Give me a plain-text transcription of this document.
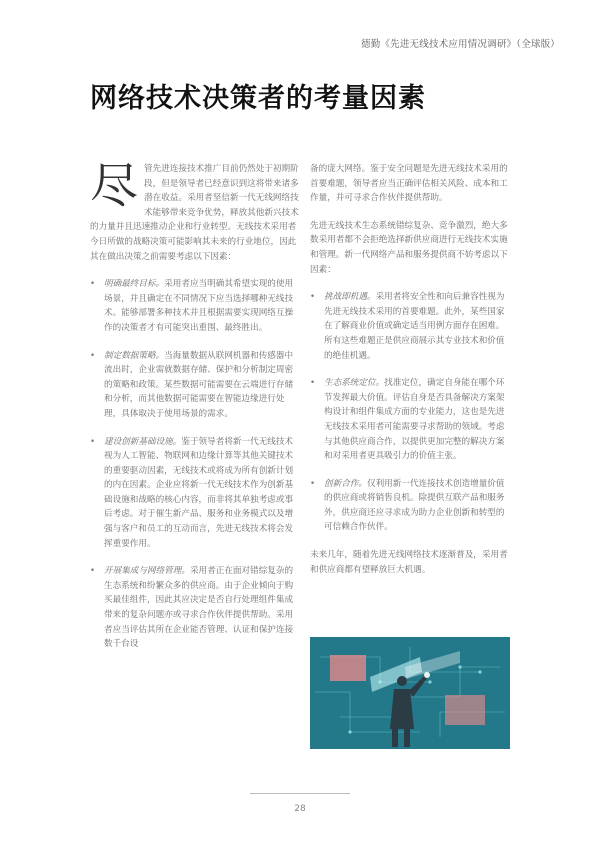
德勤《先进无线技术应用情况调研》（全球版）
网络技术决策者的考量因素

尽 管先进连接技术推广目前仍然处于初期阶段，但是领导者已经意识到这将带来诸多潜在收益。采用者坚信新一代无线网络技术能够带来竞争优势，释放其他新兴技术的力量并且迅速推动企业和行业转型。无线技术采用者今日所做的战略决策可能影响其未来的行业地位，因此其在做出决策之前需要考虑以下因素：

• 明确最终目标。采用者应当明确其希望实现的使用场景，并且确定在不同情况下应当选择哪种无线技术。能够部署多种技术并且根据需要实现网络互操作的决策者才有可能突出重围、最终胜出。
• 制定数据策略。当海量数据从联网机器和传感器中流出时，企业需就数据存储、保护和分析制定周密的策略和政策。某些数据可能需要在云端进行存储和分析，而其他数据可能需要在智能边缘进行处理，具体取决于使用场景的需求。
• 建设创新基础设施。鉴于领导者将新一代无线技术视为人工智能、物联网和边缘计算等其他关键技术的重要驱动因素，无线技术或将成为所有创新计划的内在因素。企业应将新一代无线技术作为创新基础设施和战略的核心内容，而非将其单独考虑或事后考虑。对于催生新产品、服务和业务模式以及增强与客户和员工的互动而言，先进无线技术将会发挥重要作用。
• 开展集成与网络管理。采用者正在面对错综复杂的生态系统和纷繁众多的供应商。由于企业倾向于购买最佳组件，因此其应决定是否自行处理组件集成带来的复杂问题亦或寻求合作伙伴提供帮助。采用者应当评估其所在企业能否管理、认证和保护连接数千台设

备的庞大网络。鉴于安全问题是先进无线技术采用的首要难题，领导者应当正确评估相关风险、成本和工作量，并可寻求合作伙伴提供帮助。

先进无线技术生态系统错综复杂、竞争激烈，绝大多数采用者都不会拒绝选择新供应商进行无线技术实施和管理。新一代网络产品和服务提供商不妨考虑以下因素：

• 挑战即机遇。采用者将安全性和向后兼容性视为先进无线技术采用的首要难题。此外，某些国家在了解商业价值或确定适当用例方面存在困难。所有这些难题正是供应商展示其专业技术和价值的绝佳机遇。
• 生态系统定位。找准定位，确定自身能在哪个环节发挥最大价值。评估自身是否具备解决方案架构设计和组件集成方面的专业能力，这也是先进无线技术采用者可能需要寻求帮助的领域。考虑与其他供应商合作，以提供更加完整的解决方案和对采用者更具吸引力的价值主张。
• 创新合作。仅利用新一代连接技术创造增量价值的供应商或将销售良机。除提供互联产品和服务外，供应商还应寻求成为助力企业创新和转型的可信赖合作伙伴。

未来几年，随着先进无线网络技术逐渐普及，采用者和供应商都有望释放巨大机遇。

28
